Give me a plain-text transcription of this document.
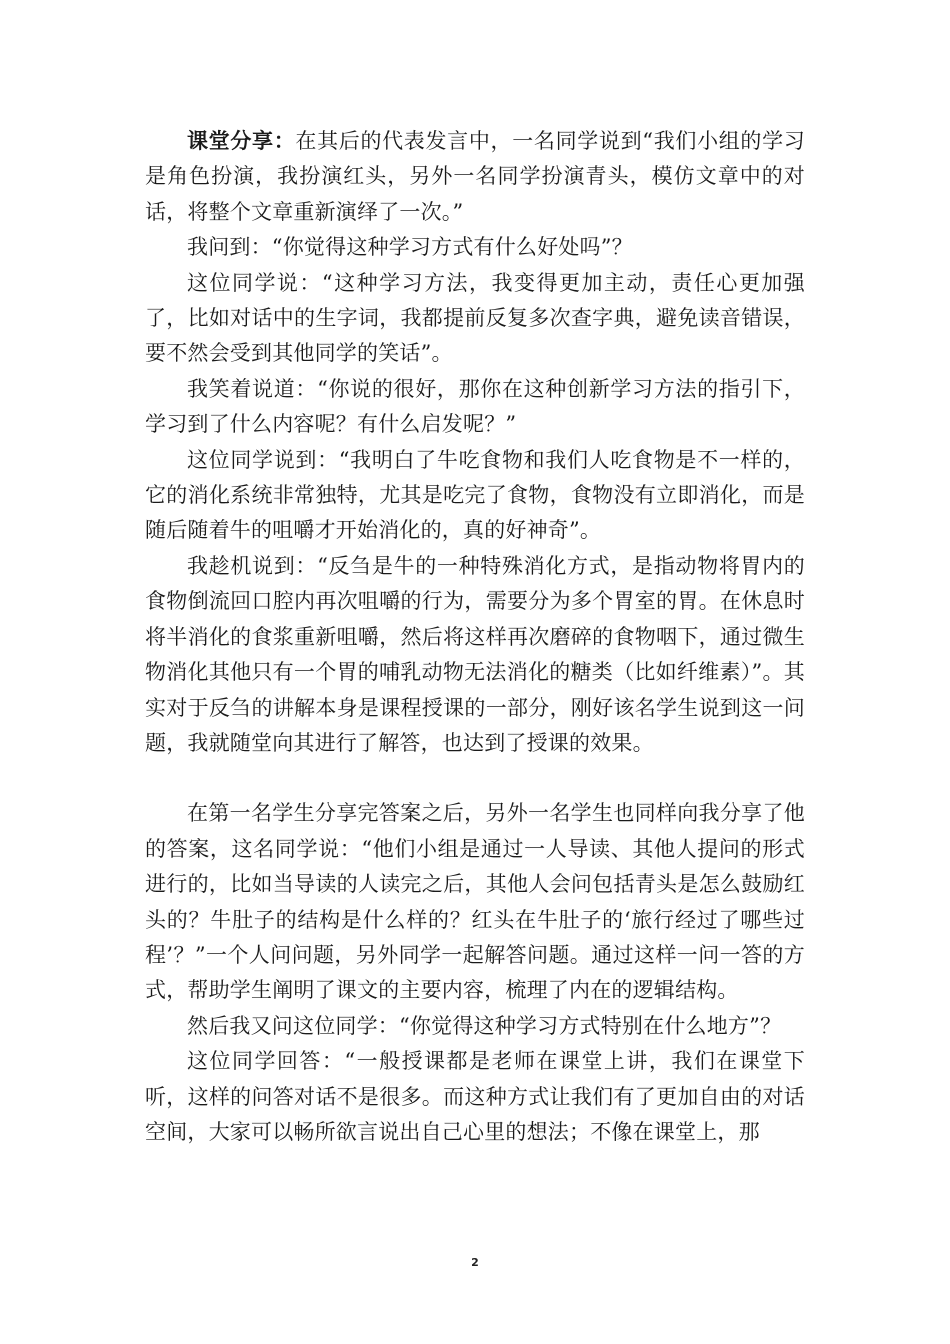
课堂分享：在其后的代表发言中，一名同学说到“我们小组的学习是角色扮演，我扮演红头，另外一名同学扮演青头，模仿文章中的对话，将整个文章重新演绎了一次。”

我问到：“你觉得这种学习方式有什么好处吗”？

这位同学说：“这种学习方法，我变得更加主动，责任心更加强了，比如对话中的生字词，我都提前反复多次查字典，避免读音错误，要不然会受到其他同学的笑话”。

我笑着说道：“你说的很好，那你在这种创新学习方法的指引下，学习到了什么内容呢？有什么启发呢？”

这位同学说到：“我明白了牛吃食物和我们人吃食物是不一样的，它的消化系统非常独特，尤其是吃完了食物，食物没有立即消化，而是随后随着牛的咀嚼才开始消化的，真的好神奇”。

我趁机说到：“反刍是牛的一种特殊消化方式，是指动物将胃内的食物倒流回口腔内再次咀嚼的行为，需要分为多个胃室的胃。在休息时将半消化的食浆重新咀嚼，然后将这样再次磨碎的食物咽下，通过微生物消化其他只有一个胃的哺乳动物无法消化的糖类（比如纤维素）”。其实对于反刍的讲解本身是课程授课的一部分，刚好该名学生说到这一问题，我就随堂向其进行了解答，也达到了授课的效果。

在第一名学生分享完答案之后，另外一名学生也同样向我分享了他的答案，这名同学说：“他们小组是通过一人导读、其他人提问的形式进行的，比如当导读的人读完之后，其他人会问包括青头是怎么鼓励红头的？牛肚子的结构是什么样的？红头在牛肚子的‘旅行经过了哪些过程’？”一个人问问题，另外同学一起解答问题。通过这样一问一答的方式，帮助学生阐明了课文的主要内容，梳理了内在的逻辑结构。

然后我又问这位同学：“你觉得这种学习方式特别在什么地方”？

这位同学回答：“一般授课都是老师在课堂上讲，我们在课堂下听，这样的问答对话不是很多。而这种方式让我们有了更加自由的对话空间，大家可以畅所欲言说出自己心里的想法；不像在课堂上，那

2
